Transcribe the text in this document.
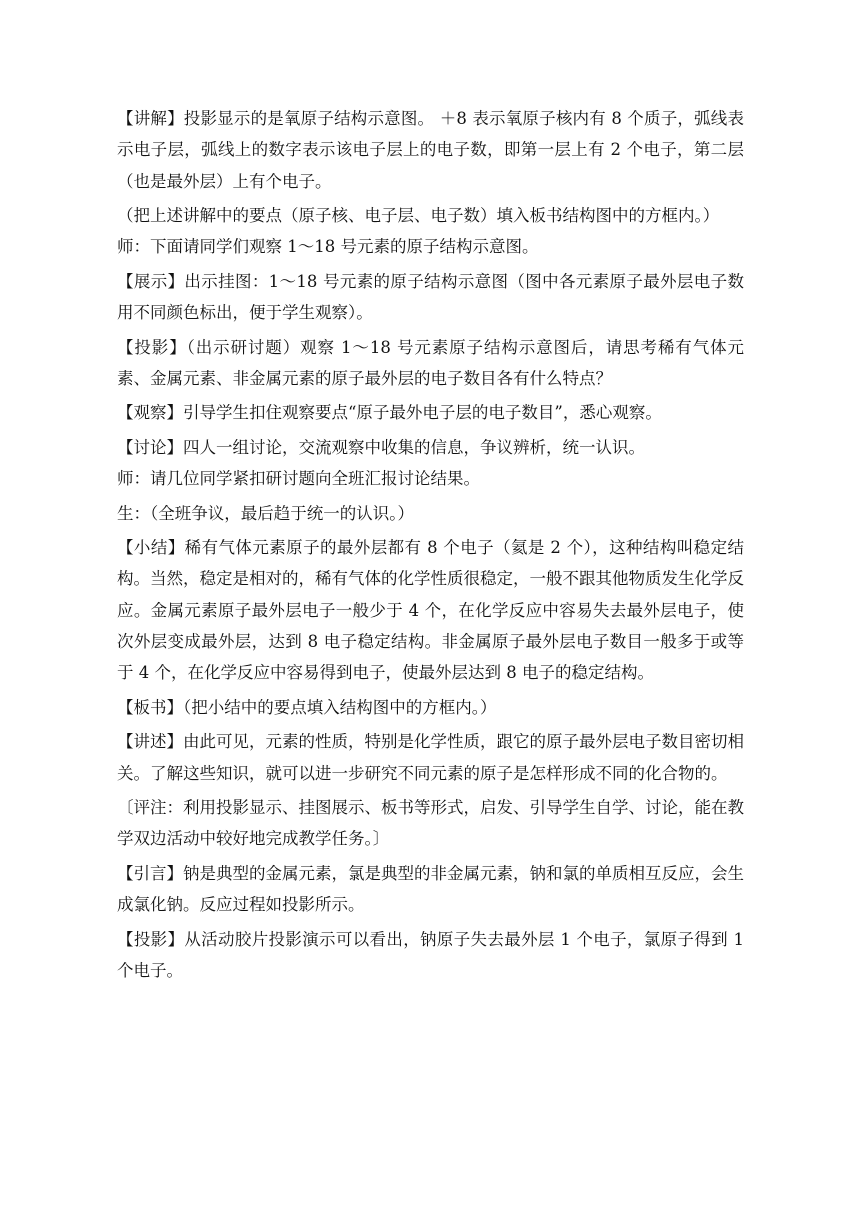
【讲解】投影显示的是氧原子结构示意图。 ＋8 表示氧原子核内有 8 个质子，弧线表示电子层，弧线上的数字表示该电子层上的电子数，即第一层上有 2 个电子，第二层（也是最外层）上有个电子。

（把上述讲解中的要点（原子核、电子层、电子数）填入板书结构图中的方框内。）

师：下面请同学们观察 1～18 号元素的原子结构示意图。

【展示】出示挂图：1～18 号元素的原子结构示意图（图中各元素原子最外层电子数用不同颜色标出，便于学生观察）。

【投影】（出示研讨题）观察 1～18 号元素原子结构示意图后，请思考稀有气体元素、金属元素、非金属元素的原子最外层的电子数目各有什么特点？

【观察】引导学生扣住观察要点“原子最外电子层的电子数目”，悉心观察。

【讨论】四人一组讨论，交流观察中收集的信息，争议辨析，统一认识。

师：请几位同学紧扣研讨题向全班汇报讨论结果。

生：（全班争议，最后趋于统一的认识。）

【小结】稀有气体元素原子的最外层都有 8 个电子（氦是 2 个），这种结构叫稳定结构。当然，稳定是相对的，稀有气体的化学性质很稳定，一般不跟其他物质发生化学反应。金属元素原子最外层电子一般少于 4 个，在化学反应中容易失去最外层电子，使次外层变成最外层，达到 8 电子稳定结构。非金属原子最外层电子数目一般多于或等于 4 个，在化学反应中容易得到电子，使最外层达到 8 电子的稳定结构。

【板书】（把小结中的要点填入结构图中的方框内。）

【讲述】由此可见，元素的性质，特别是化学性质，跟它的原子最外层电子数目密切相关。了解这些知识，就可以进一步研究不同元素的原子是怎样形成不同的化合物的。

〔评注：利用投影显示、挂图展示、板书等形式，启发、引导学生自学、讨论，能在教学双边活动中较好地完成教学任务。〕

【引言】钠是典型的金属元素，氯是典型的非金属元素，钠和氯的单质相互反应，会生成氯化钠。反应过程如投影所示。

【投影】从活动胶片投影演示可以看出，钠原子失去最外层 1 个电子，氯原子得到 1 个电子。
